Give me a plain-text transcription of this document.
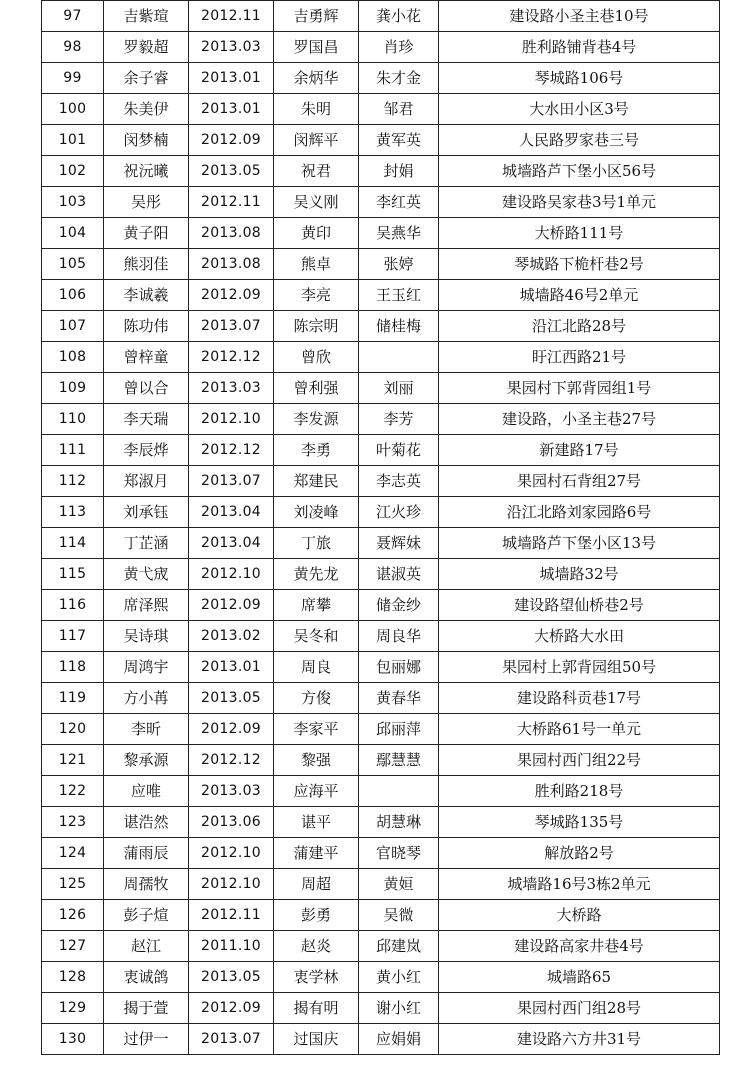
97	吉紫瑄	2012.11	吉勇辉	龚小花	建设路小圣主巷10号
98	罗毅超	2013.03	罗国昌	肖珍	胜利路铺背巷4号
99	余子睿	2013.01	余炳华	朱才金	琴城路106号
100	朱美伊	2013.01	朱明	邹君	大水田小区3号
101	闵梦楠	2012.09	闵辉平	黄军英	人民路罗家巷三号
102	祝沅曦	2013.05	祝君	封娟	城墙路芦下堡小区56号
103	吴彤	2012.11	吴义刚	李红英	建设路吴家巷3号1单元
104	黄子阳	2013.08	黄印	吴燕华	大桥路111号
105	熊羽佳	2013.08	熊卓	张婷	琴城路下桅杆巷2号
106	李诚羲	2012.09	李亮	王玉红	城墙路46号2单元
107	陈功伟	2013.07	陈宗明	储桂梅	沿江北路28号
108	曾梓童	2012.12	曾欣		盱江西路21号
109	曾以合	2013.03	曾利强	刘丽	果园村下郭背园组1号
110	李天瑞	2012.10	李发源	李芳	建设路，小圣主巷27号
111	李辰烨	2012.12	李勇	叶菊花	新建路17号
112	郑淑月	2013.07	郑建民	李志英	果园村石背组27号
113	刘承钰	2013.04	刘凌峰	江火珍	沿江北路刘家园路6号
114	丁芷涵	2013.04	丁旅	聂辉妹	城墙路芦下堡小区13号
115	黄弋宬	2012.10	黄先龙	谌淑英	城墙路32号
116	席泽熙	2012.09	席攀	储金纱	建设路望仙桥巷2号
117	吴诗琪	2013.02	吴冬和	周良华	大桥路大水田
118	周鸿宇	2013.01	周良	包丽娜	果园村上郭背园组50号
119	方小苒	2013.05	方俊	黄春华	建设路科贡巷17号
120	李昕	2012.09	李家平	邱丽萍	大桥路61号一单元
121	黎承源	2012.12	黎强	鄢慧慧	果园村西门组22号
122	应唯	2013.03	应海平		胜利路218号
123	谌浩然	2013.06	谌平	胡慧琳	琴城路135号
124	蒲雨辰	2012.10	蒲建平	官晓琴	解放路2号
125	周孺牧	2012.10	周超	黄姮	城墙路16号3栋2单元
126	彭子煊	2012.11	彭勇	吴微	大桥路
127	赵江	2011.10	赵炎	邱建岚	建设路高家井巷4号
128	衷诚鸽	2013.05	衷学林	黄小红	城墙路65
129	揭于萱	2012.09	揭有明	谢小红	果园村西门组28号
130	过伊一	2013.07	过国庆	应娟娟	建设路六方井31号
